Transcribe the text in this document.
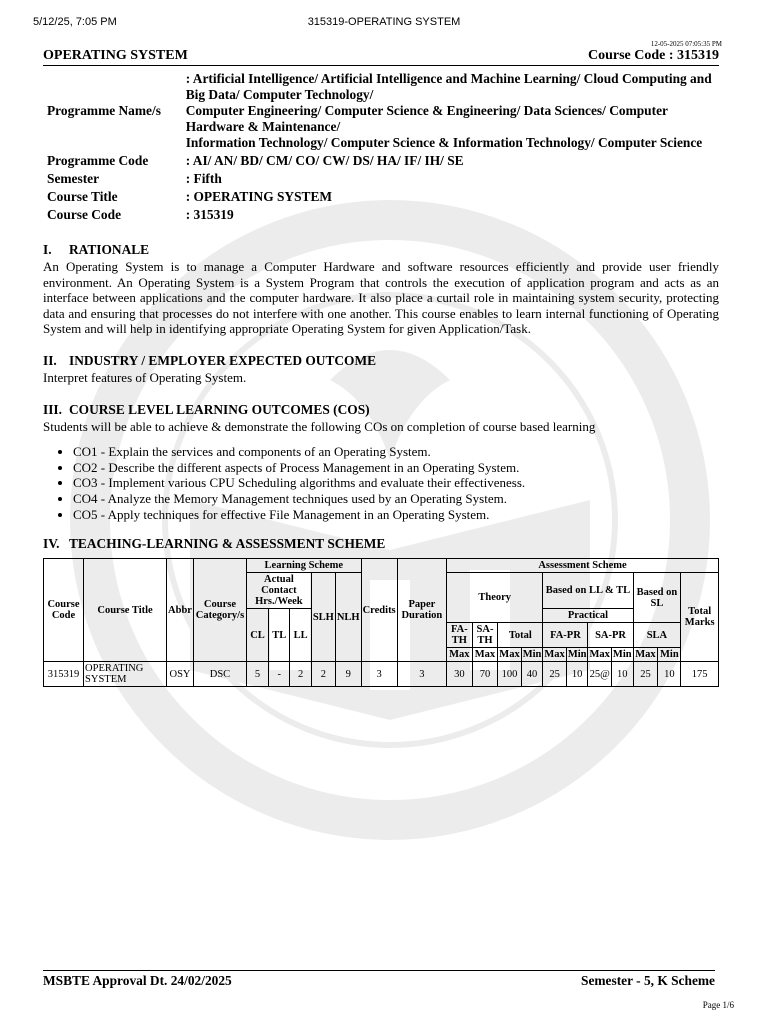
5/12/25, 7:05 PM	315319-OPERATING SYSTEM
12-05-2025 07:05:35 PM
OPERATING SYSTEM	Course Code : 315319
Programme Name/s	: Artificial Intelligence/ Artificial Intelligence and Machine Learning/ Cloud Computing and Big Data/ Computer Technology/
Computer Engineering/ Computer Science & Engineering/ Data Sciences/ Computer Hardware & Maintenance/
Information Technology/ Computer Science & Information Technology/ Computer Science

Programme Code	: AI/ AN/ BD/ CM/ CO/ CW/ DS/ HA/ IF/ IH/ SE
Semester	: Fifth
Course Title	: OPERATING SYSTEM
Course Code	: 315319
I. RATIONALE

An Operating System is to manage a Computer Hardware and software resources efficiently and provide user friendly environment. An Operating System is a System Program that controls the execution of application program and acts as an interface between applications and the computer hardware. It also place a curtail role in maintaining system security, protecting data and ensuring that processes do not interfere with one another. This course enables to learn internal functioning of Operating System and will help in identifying appropriate Operating System for given Application/Task.

II. INDUSTRY / EMPLOYER EXPECTED OUTCOME

Interpret features of Operating System.

III. COURSE LEVEL LEARNING OUTCOMES (COS)

Students will be able to achieve & demonstrate the following COs on completion of course based learning

• CO1 - Explain the services and components of an Operating System.
• CO2 - Describe the different aspects of Process Management in an Operating System.
• CO3 - Implement various CPU Scheduling algorithms and evaluate their effectiveness.
• CO4 - Analyze the Memory Management techniques used by an Operating System.
• CO5 - Apply techniques for effective File Management in an Operating System.
IV. TEACHING-LEARNING & ASSESSMENT SCHEME
Course Code	Course Title	Abbr	Course Category/s	Learning Scheme					Credits	Paper Duration	Assessment Scheme										
				Actual Contact Hrs./Week			SLH	NLH			Theory				Based on LL & TL				Based on SL		Total Marks
				CL	TL	LL									Practical						
											FA-TH	SA-TH	Total		FA-PR		SA-PR		SLA		
											Max	Max	Max	Min	Max	Min	Max	Min	Max	Min	
315319	OPERATING SYSTEM	OSY	DSC	5	-	2	2	9	3	3	30	70	100	40	25	10	25@	10	25	10	175
MSBTE Approval Dt. 24/02/2025	Semester - 5, K Scheme
Page 1/6
